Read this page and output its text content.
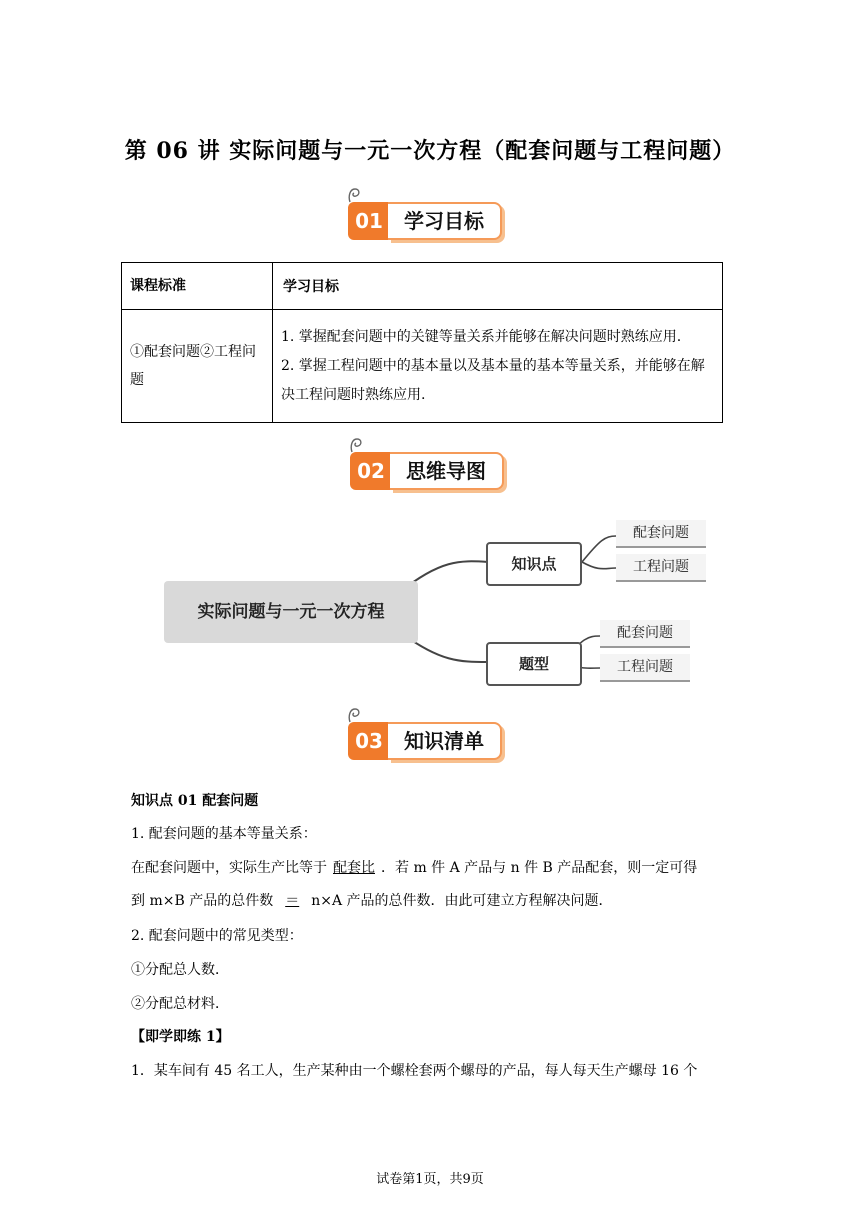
第 06 讲 实际问题与一元一次方程（配套问题与工程问题）
01	学习目标
课程标准	学习目标
①配套问题②工程问题	1. 掌握配套问题中的关键等量关系并能够在解决问题时熟练应用.
2. 掌握工程问题中的基本量以及基本量的基本等量关系，并能够在解决工程问题时熟练应用.
02	思维导图
实际问题与一元一次方程
知识点
题型
配套问题
工程问题
配套问题
工程问题
03	知识清单
知识点 01 配套问题
1. 配套问题的基本等量关系：
在配套问题中，实际生产比等于 配套比 ．若 m 件 A 产品与 n 件 B 产品配套，则一定可得
到 m×B 产品的总件数 ＝ n×A 产品的总件数．由此可建立方程解决问题．
2. 配套问题中的常见类型：
①分配总人数．
②分配总材料．
【即学即练 1】
1．某车间有 45 名工人，生产某种由一个螺栓套两个螺母的产品，每人每天生产螺母 16 个
试卷第1页，共9页
